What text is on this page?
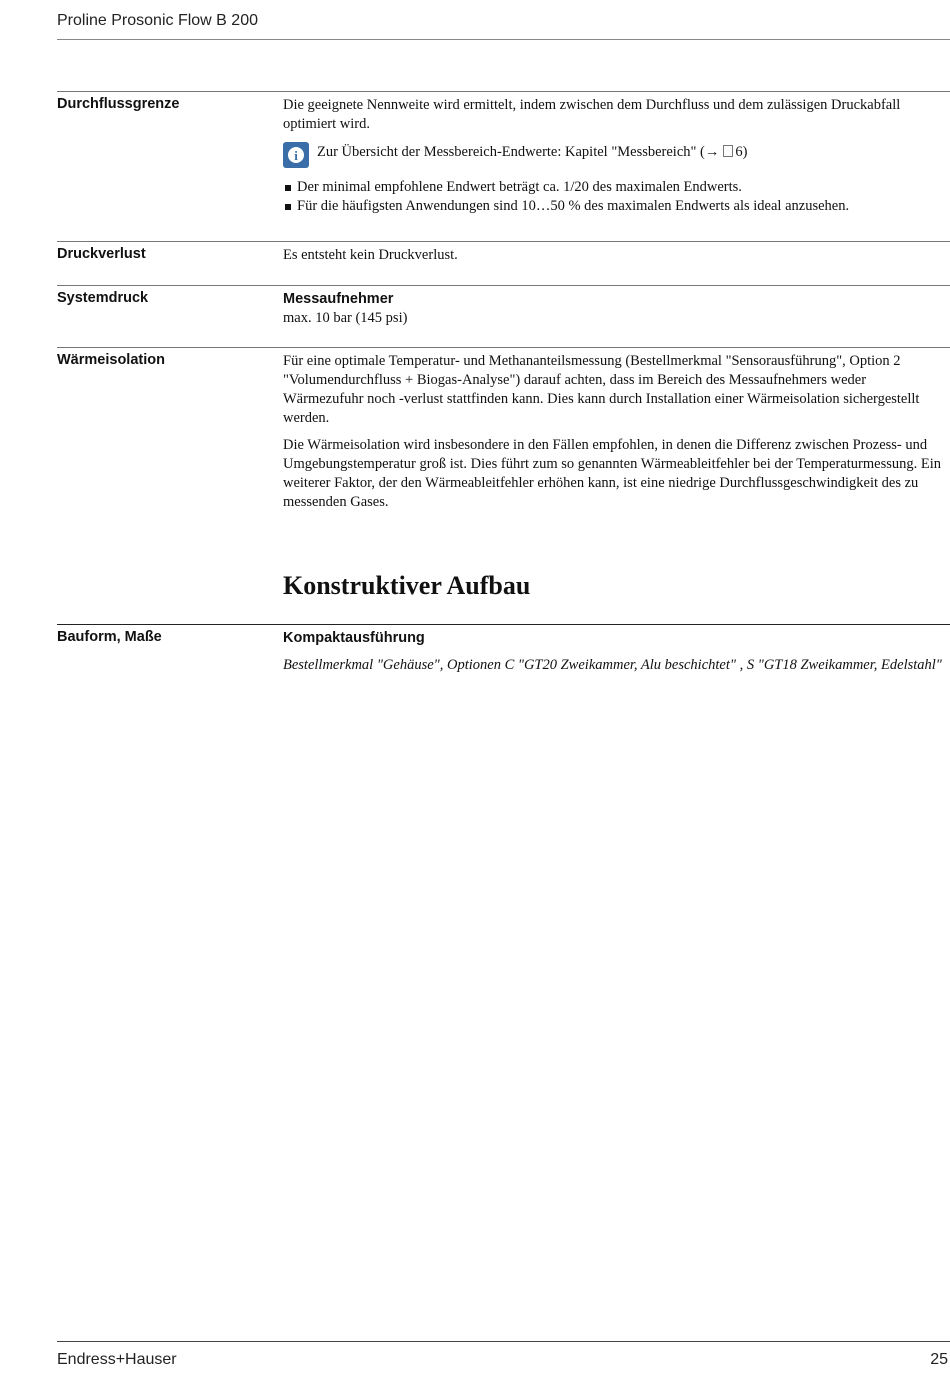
Proline Prosonic Flow B 200
Durchflussgrenze	Die geeignete Nennweite wird ermittelt, indem zwischen dem Durchfluss und dem zulässigen Druckabfall optimiert wird.

i	Zur Übersicht der Messbereich-Endwerte: Kapitel "Messbereich" (→ 6)
Der minimal empfohlene Endwert beträgt ca. 1/20 des maximalen Endwerts.
Für die häufigsten Anwendungen sind 10…50 % des maximalen Endwerts als ideal anzusehen.
Druckverlust	Es entsteht kein Druckverlust.

Systemdruck	Messaufnehmer
max. 10 bar (145 psi)
Wärmeisolation	Für eine optimale Temperatur- und Methananteilsmessung (Bestellmerkmal "Sensorausführung", Option 2 "Volumendurchfluss + Biogas-Analyse") darauf achten, dass im Bereich des Messaufnehmers weder Wärmezufuhr noch -verlust stattfinden kann. Dies kann durch Installation einer Wärmeisolation sichergestellt werden.

Die Wärmeisolation wird insbesondere in den Fällen empfohlen, in denen die Differenz zwischen Prozess- und Umgebungstemperatur groß ist. Dies führt zum so genannten Wärmeableitfehler bei der Temperaturmessung. Ein weiterer Faktor, der den Wärmeableitfehler erhöhen kann, ist eine niedrige Durchflussgeschwindigkeit des zu messenden Gases.

Konstruktiver Aufbau
Bauform, Maße	Kompaktausführung
Bestellmerkmal "Gehäuse", Optionen C "GT20 Zweikammer, Alu beschichtet" , S "GT18 Zweikammer, Edelstahl"
Endress+Hauser	25
